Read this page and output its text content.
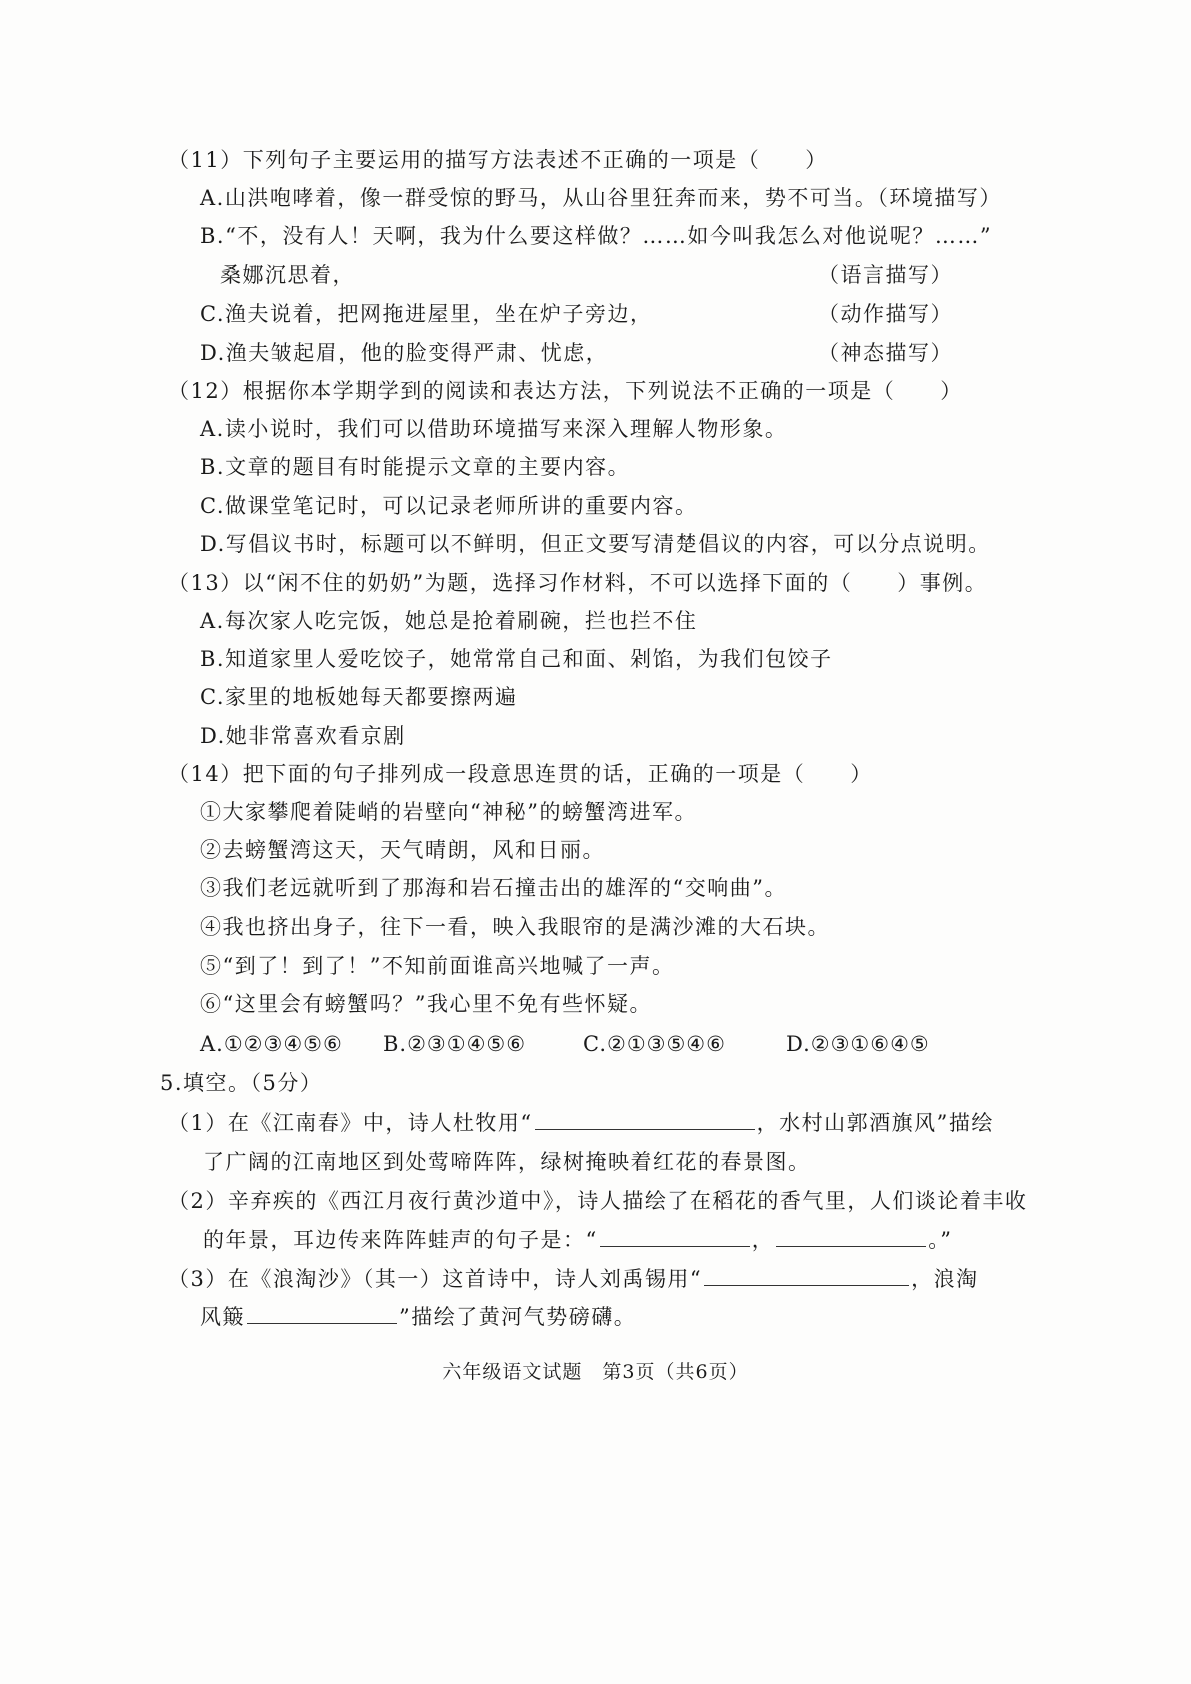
（11）下列句子主要运用的描写方法表述不正确的一项是（　　）
A.山洪咆哮着，像一群受惊的野马，从山谷里狂奔而来，势不可当。（环境描写）
B.“不，没有人！天啊，我为什么要这样做？……如今叫我怎么对他说呢？……”
桑娜沉思着，	（语言描写）
C.渔夫说着，把网拖进屋里，坐在炉子旁边，	（动作描写）
D.渔夫皱起眉，他的脸变得严肃、忧虑，	（神态描写）
（12）根据你本学期学到的阅读和表达方法，下列说法不正确的一项是（　　）
A.读小说时，我们可以借助环境描写来深入理解人物形象。
B.文章的题目有时能提示文章的主要内容。
C.做课堂笔记时，可以记录老师所讲的重要内容。
D.写倡议书时，标题可以不鲜明，但正文要写清楚倡议的内容，可以分点说明。
（13）以“闲不住的奶奶”为题，选择习作材料，不可以选择下面的（　　）事例。
A.每次家人吃完饭，她总是抢着刷碗，拦也拦不住
B.知道家里人爱吃饺子，她常常自己和面、剁馅，为我们包饺子
C.家里的地板她每天都要擦两遍
D.她非常喜欢看京剧
（14）把下面的句子排列成一段意思连贯的话，正确的一项是（　　）
①大家攀爬着陡峭的岩壁向“神秘”的螃蟹湾进军。
②去螃蟹湾这天，天气晴朗，风和日丽。
③我们老远就听到了那海和岩石撞击出的雄浑的“交响曲”。
④我也挤出身子，往下一看，映入我眼帘的是满沙滩的大石块。
⑤“到了！到了！”不知前面谁高兴地喊了一声。
⑥“这里会有螃蟹吗？”我心里不免有些怀疑。
A.①②③④⑤⑥ B.②③①④⑤⑥	C.②①③⑤④⑥	D.②③①⑥④⑤
5.填空。（5分）
（1）在《江南春》中，诗人杜牧用“	，水村山郭酒旗风”描绘
了广阔的江南地区到处莺啼阵阵，绿树掩映着红花的春景图。
（2）辛弃疾的《西江月夜行黄沙道中》，诗人描绘了在稻花的香气里，人们谈论着丰收
的年景，耳边传来阵阵蛙声的句子是：“	，	。”
（3）在《浪淘沙》（其一）这首诗中，诗人刘禹锡用“	，浪淘
风簸	”描绘了黄河气势磅礴。
六年级语文试题　第3页（共6页）
